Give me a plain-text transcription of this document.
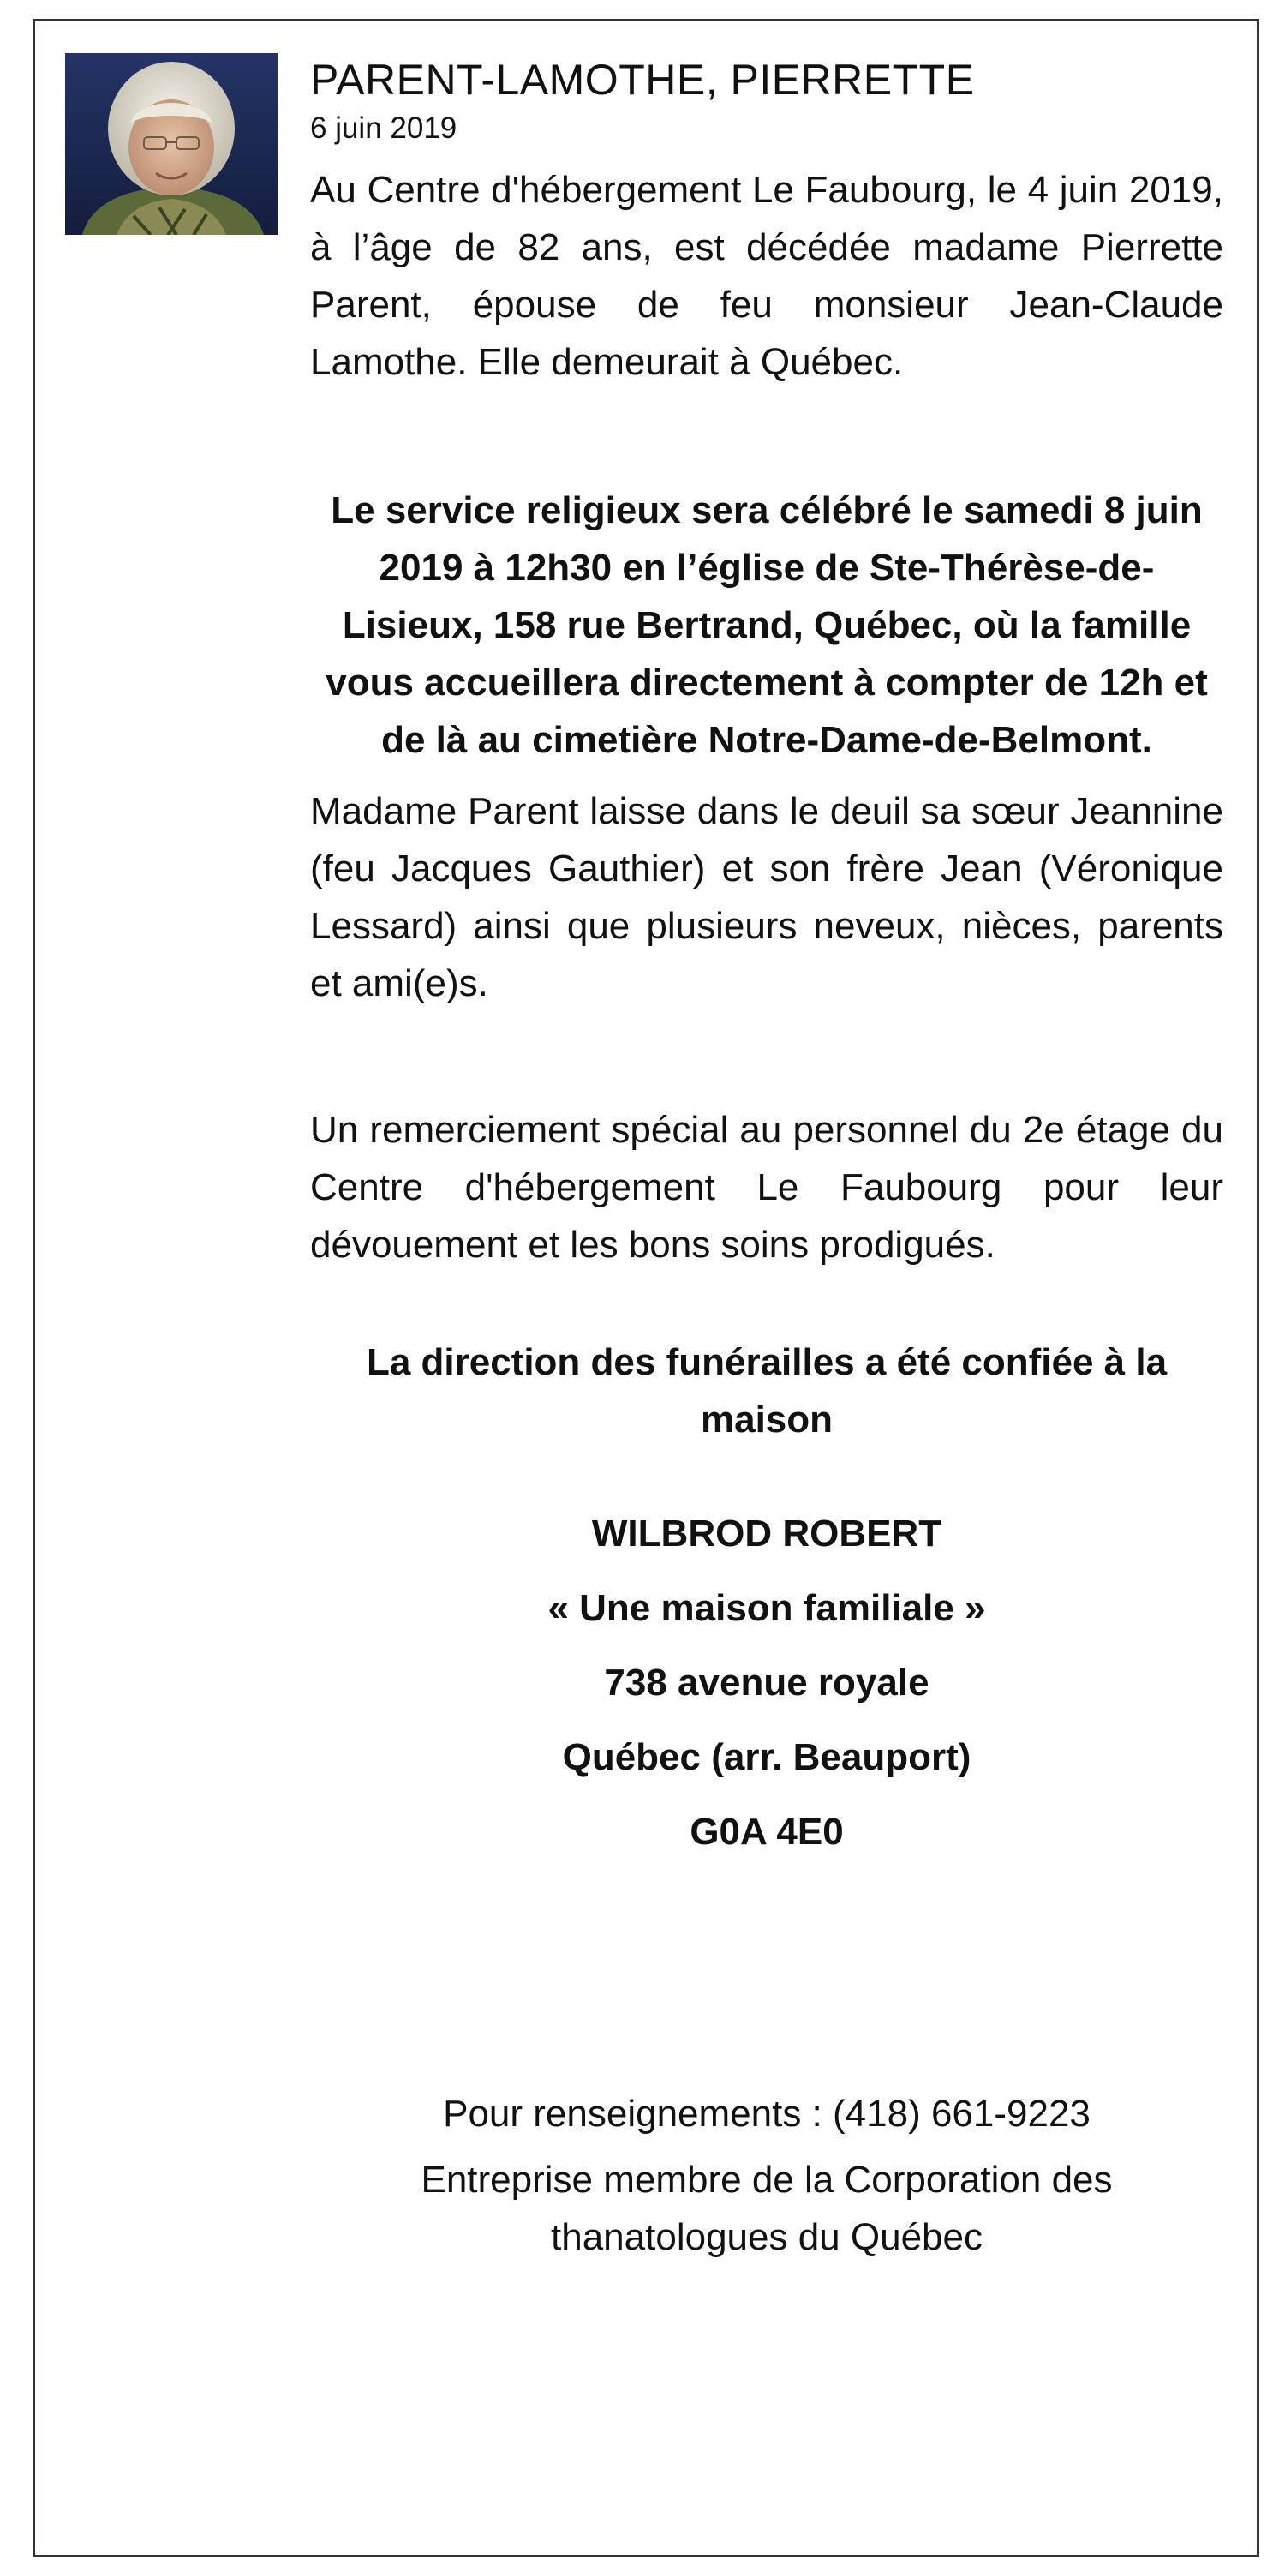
PARENT-LAMOTHE, PIERRETTE

6 juin 2019

Au Centre d'hébergement Le Faubourg, le 4 juin 2019, à l’âge de 82 ans, est décédée madame Pierrette Parent, épouse de feu monsieur Jean-Claude Lamothe. Elle demeurait à Québec.

Le service religieux sera célébré le samedi 8 juin 2019 à 12h30 en l’église de Ste-Thérèse-de-Lisieux, 158 rue Bertrand, Québec, où la famille vous accueillera directement à compter de 12h et de là au cimetière Notre-Dame-de-Belmont.

Madame Parent laisse dans le deuil sa sœur Jeannine (feu Jacques Gauthier) et son frère Jean (Véronique Lessard) ainsi que plusieurs neveux, nièces, parents et ami(e)s.

Un remerciement spécial au personnel du 2e étage du Centre d'hébergement Le Faubourg pour leur dévouement et les bons soins prodigués.

La direction des funérailles a été confiée à la maison

WILBROD ROBERT

« Une maison familiale »

738 avenue royale

Québec (arr. Beauport)

G0A 4E0

Pour renseignements : (418) 661-9223

Entreprise membre de la Corporation des thanatologues du Québec
